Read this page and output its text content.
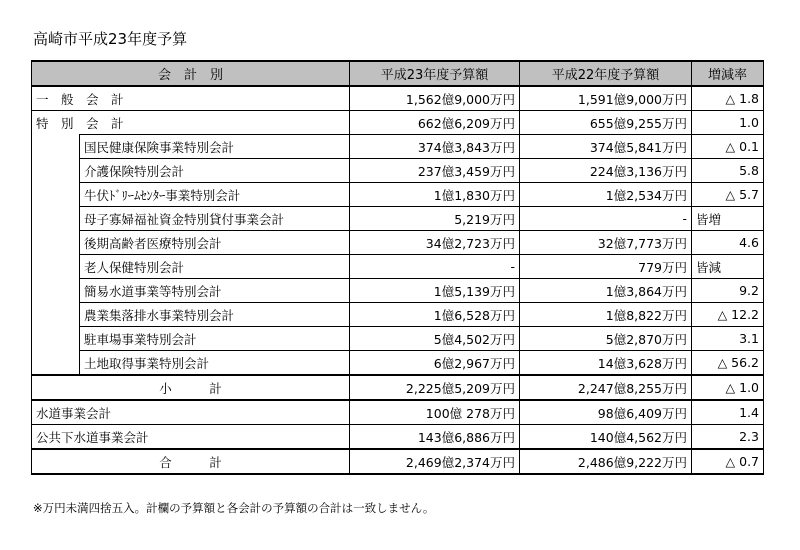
高崎市平成23年度予算
会　計　別		平成23年度予算額	平成22年度予算額	増減率
一　般　会　計		1,562億9,000万円	1,591億9,000万円	△ 1.8
特　別　会　計		662億6,209万円	655億9,255万円	1.0
	国民健康保険事業特別会計	374億3,843万円	374億5,841万円	△ 0.1
	介護保険特別会計	237億3,459万円	224億3,136万円	5.8
	牛伏ﾄﾞﾘｰﾑｾﾝﾀｰ事業特別会計	1億1,830万円	1億2,534万円	△ 5.7
	母子寡婦福祉資金特別貸付事業会計	5,219万円	-	皆増
	後期高齢者医療特別会計	34億2,723万円	32億7,773万円	4.6
	老人保健特別会計	-	779万円	皆減
	簡易水道事業等特別会計	1億5,139万円	1億3,864万円	9.2
	農業集落排水事業特別会計	1億6,528万円	1億8,822万円	△ 12.2
	駐車場事業特別会計	5億4,502万円	5億2,870万円	3.1
	土地取得事業特別会計	6億2,967万円	14億3,628万円	△ 56.2
小　　　計		2,225億5,209万円	2,247億8,255万円	△ 1.0
水道事業会計		100億 278万円	98億6,409万円	1.4
公共下水道事業会計		143億6,886万円	140億4,562万円	2.3
合　　　計		2,469億2,374万円	2,486億9,222万円	△ 0.7
※万円未満四捨五入。計欄の予算額と各会計の予算額の合計は一致しません。
